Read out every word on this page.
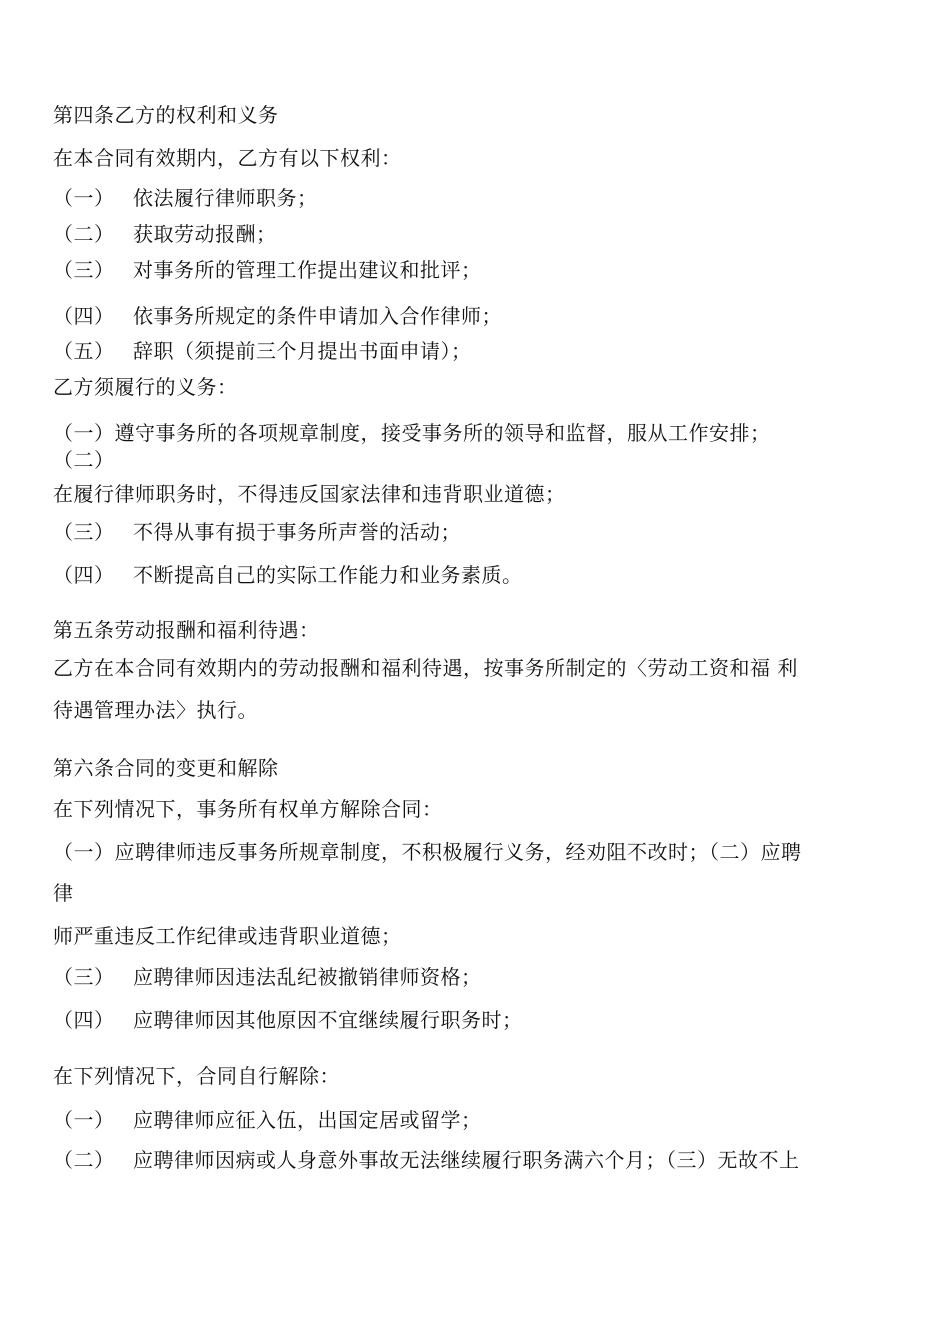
第四条乙方的权利和义务
在本合同有效期内，乙方有以下权利：
（一） 依法履行律师职务；
（二） 获取劳动报酬；
（三） 对事务所的管理工作提出建议和批评；
（四） 依事务所规定的条件申请加入合作律师；
（五） 辞职（须提前三个月提出书面申请）；
乙方须履行的义务：
（一）遵守事务所的各项规章制度，接受事务所的领导和监督，服从工作安排；
（二）
在履行律师职务时，不得违反国家法律和违背职业道德；
（三） 不得从事有损于事务所声誉的活动；
（四） 不断提高自己的实际工作能力和业务素质。
第五条劳动报酬和福利待遇：
乙方在本合同有效期内的劳动报酬和福利待遇，按事务所制定的〈劳动工资和福 利
待遇管理办法〉执行。
第六条合同的变更和解除
在下列情况下，事务所有权单方解除合同：
（一）应聘律师违反事务所规章制度，不积极履行义务，经劝阻不改时；（二）应聘
律
师严重违反工作纪律或违背职业道德；
（三） 应聘律师因违法乱纪被撤销律师资格；
（四） 应聘律师因其他原因不宜继续履行职务时；
在下列情况下，合同自行解除：
（一） 应聘律师应征入伍，出国定居或留学；
（二） 应聘律师因病或人身意外事故无法继续履行职务满六个月；（三）无故不上
